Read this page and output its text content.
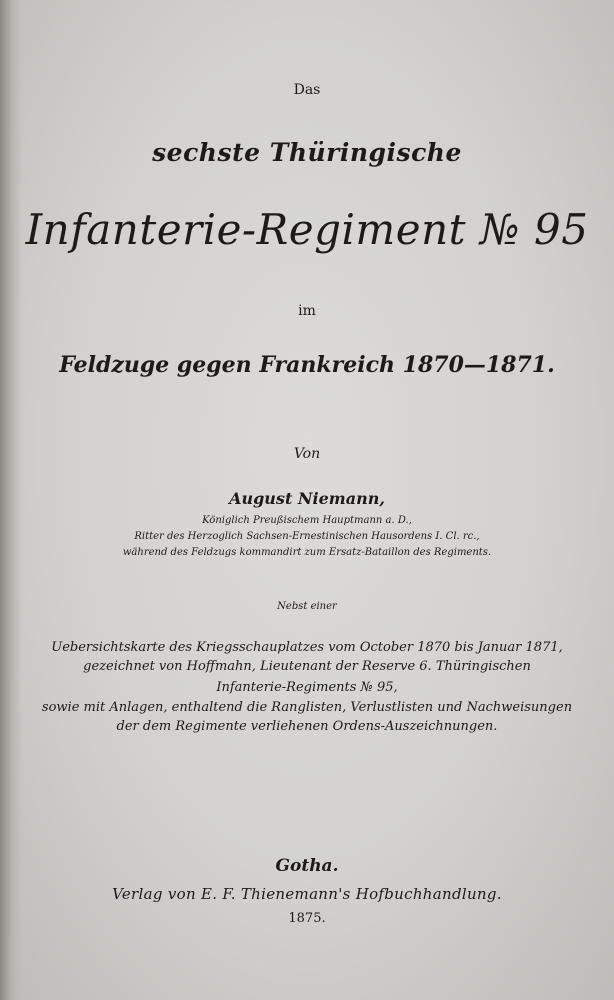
Das
sechste Thüringische
Infanterie-Regiment № 95
im
Feldzuge gegen Frankreich 1870—1871.
Von
August Niemann,
Königlich Preußischem Hauptmann a. D.,
Ritter des Herzoglich Sachsen-Ernestinischen Hausordens I. Cl. rc.,
während des Feldzugs kommandirt zum Ersatz-Bataillon des Regiments.
Nebst einer
Uebersichtskarte des Kriegsschauplatzes vom October 1870 bis Januar 1871,
gezeichnet von Hoffmahn, Lieutenant der Reserve 6. Thüringischen
Infanterie-Regiments № 95,
sowie mit Anlagen, enthaltend die Ranglisten, Verlustlisten und Nachweisungen
der dem Regimente verliehenen Ordens-Auszeichnungen.
Gotha.
Verlag von E. F. Thienemann's Hofbuchhandlung.
1875.
